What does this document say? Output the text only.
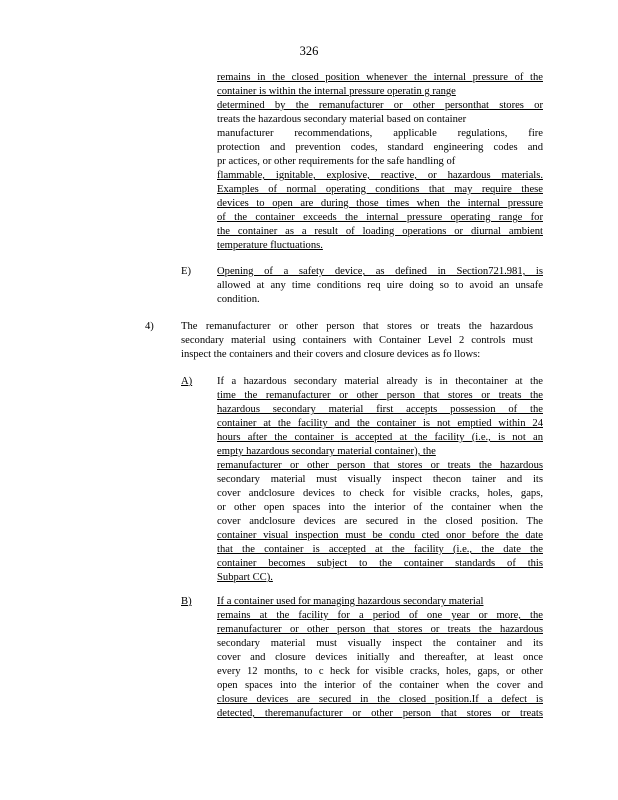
326
remains in the closed position whenever the internal pressure of the
container is within the internal pressure operatin g range
determined by the remanufacturer or other personthat stores or
treats the hazardous secondary material based on container
manufacturer recommendations, applicable regulations, fire
protection and prevention codes, standard engineering codes and
pr actices, or other requirements for the safe handling of
flammable, ignitable, explosive, reactive, or hazardous materials.
Examples of normal operating conditions that may require these
devices to open are during those times when the internal pressure
of the container exceeds the internal pressure operating range for
the container as a result of loading operations or diurnal ambient
temperature fluctuations.
E) Opening of a safety device, as defined in Section721.981, is
allowed at any time conditions req uire doing so to avoid an unsafe
condition.
4)	The remanufacturer or other person that stores or treats the hazardous
secondary material using containers with Container Level 2 controls must
inspect the containers and their covers and closure devices as fo llows:
A) If a hazardous secondary material already is in thecontainer at the
time the remanufacturer or other person that stores or treats the
hazardous secondary material first accepts possession of the
container at the facility and the container is not emptied within 24
hours after the container is accepted at the facility (i.e., is not an
empty hazardous secondary material container), the
remanufacturer or other person that stores or treats the hazardous
secondary material must visually inspect thecon tainer and its
cover andclosure devices to check for visible cracks, holes, gaps,
or other open spaces into the interior of the container when the
cover andclosure devices are secured in the closed position. The
container visual inspection must be condu cted onor before the date
that the container is accepted at the facility (i.e., the date the
container becomes subject to the container standards of this
Subpart CC).
B) If a container used for managing hazardous secondary material
remains at the facility for a period of one year or more, the
remanufacturer or other person that stores or treats the hazardous
secondary material must visually inspect the container and its
cover and closure devices initially and thereafter, at least once
every 12 months, to c heck for visible cracks, holes, gaps, or other
open spaces into the interior of the container when the cover and
closure devices are secured in the closed position.If a defect is
detected, theremanufacturer or other person that stores or treats
